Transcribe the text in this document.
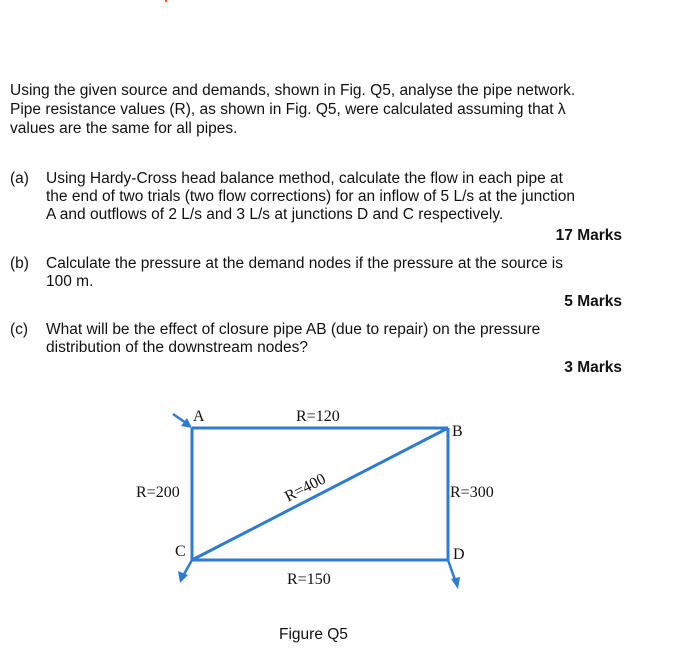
Using the given source and demands, shown in Fig. Q5, analyse the pipe network.
Pipe resistance values (R), as shown in Fig. Q5, were calculated assuming that λ
values are the same for all pipes.
(a) Using Hardy-Cross head balance method, calculate the flow in each pipe at
the end of two trials (two flow corrections) for an inflow of 5 L/s at the junction
A and outflows of 2 L/s and 3 L/s at junctions D and C respectively.
17 Marks
(b) Calculate the pressure at the demand nodes if the pressure at the source is
100 m.
5 Marks
(c) What will be the effect of closure pipe AB (due to repair) on the pressure
distribution of the downstream nodes?
3 Marks
A
B
C	D
R=120
R=200	R=300
R=150
R=400
Figure Q5
